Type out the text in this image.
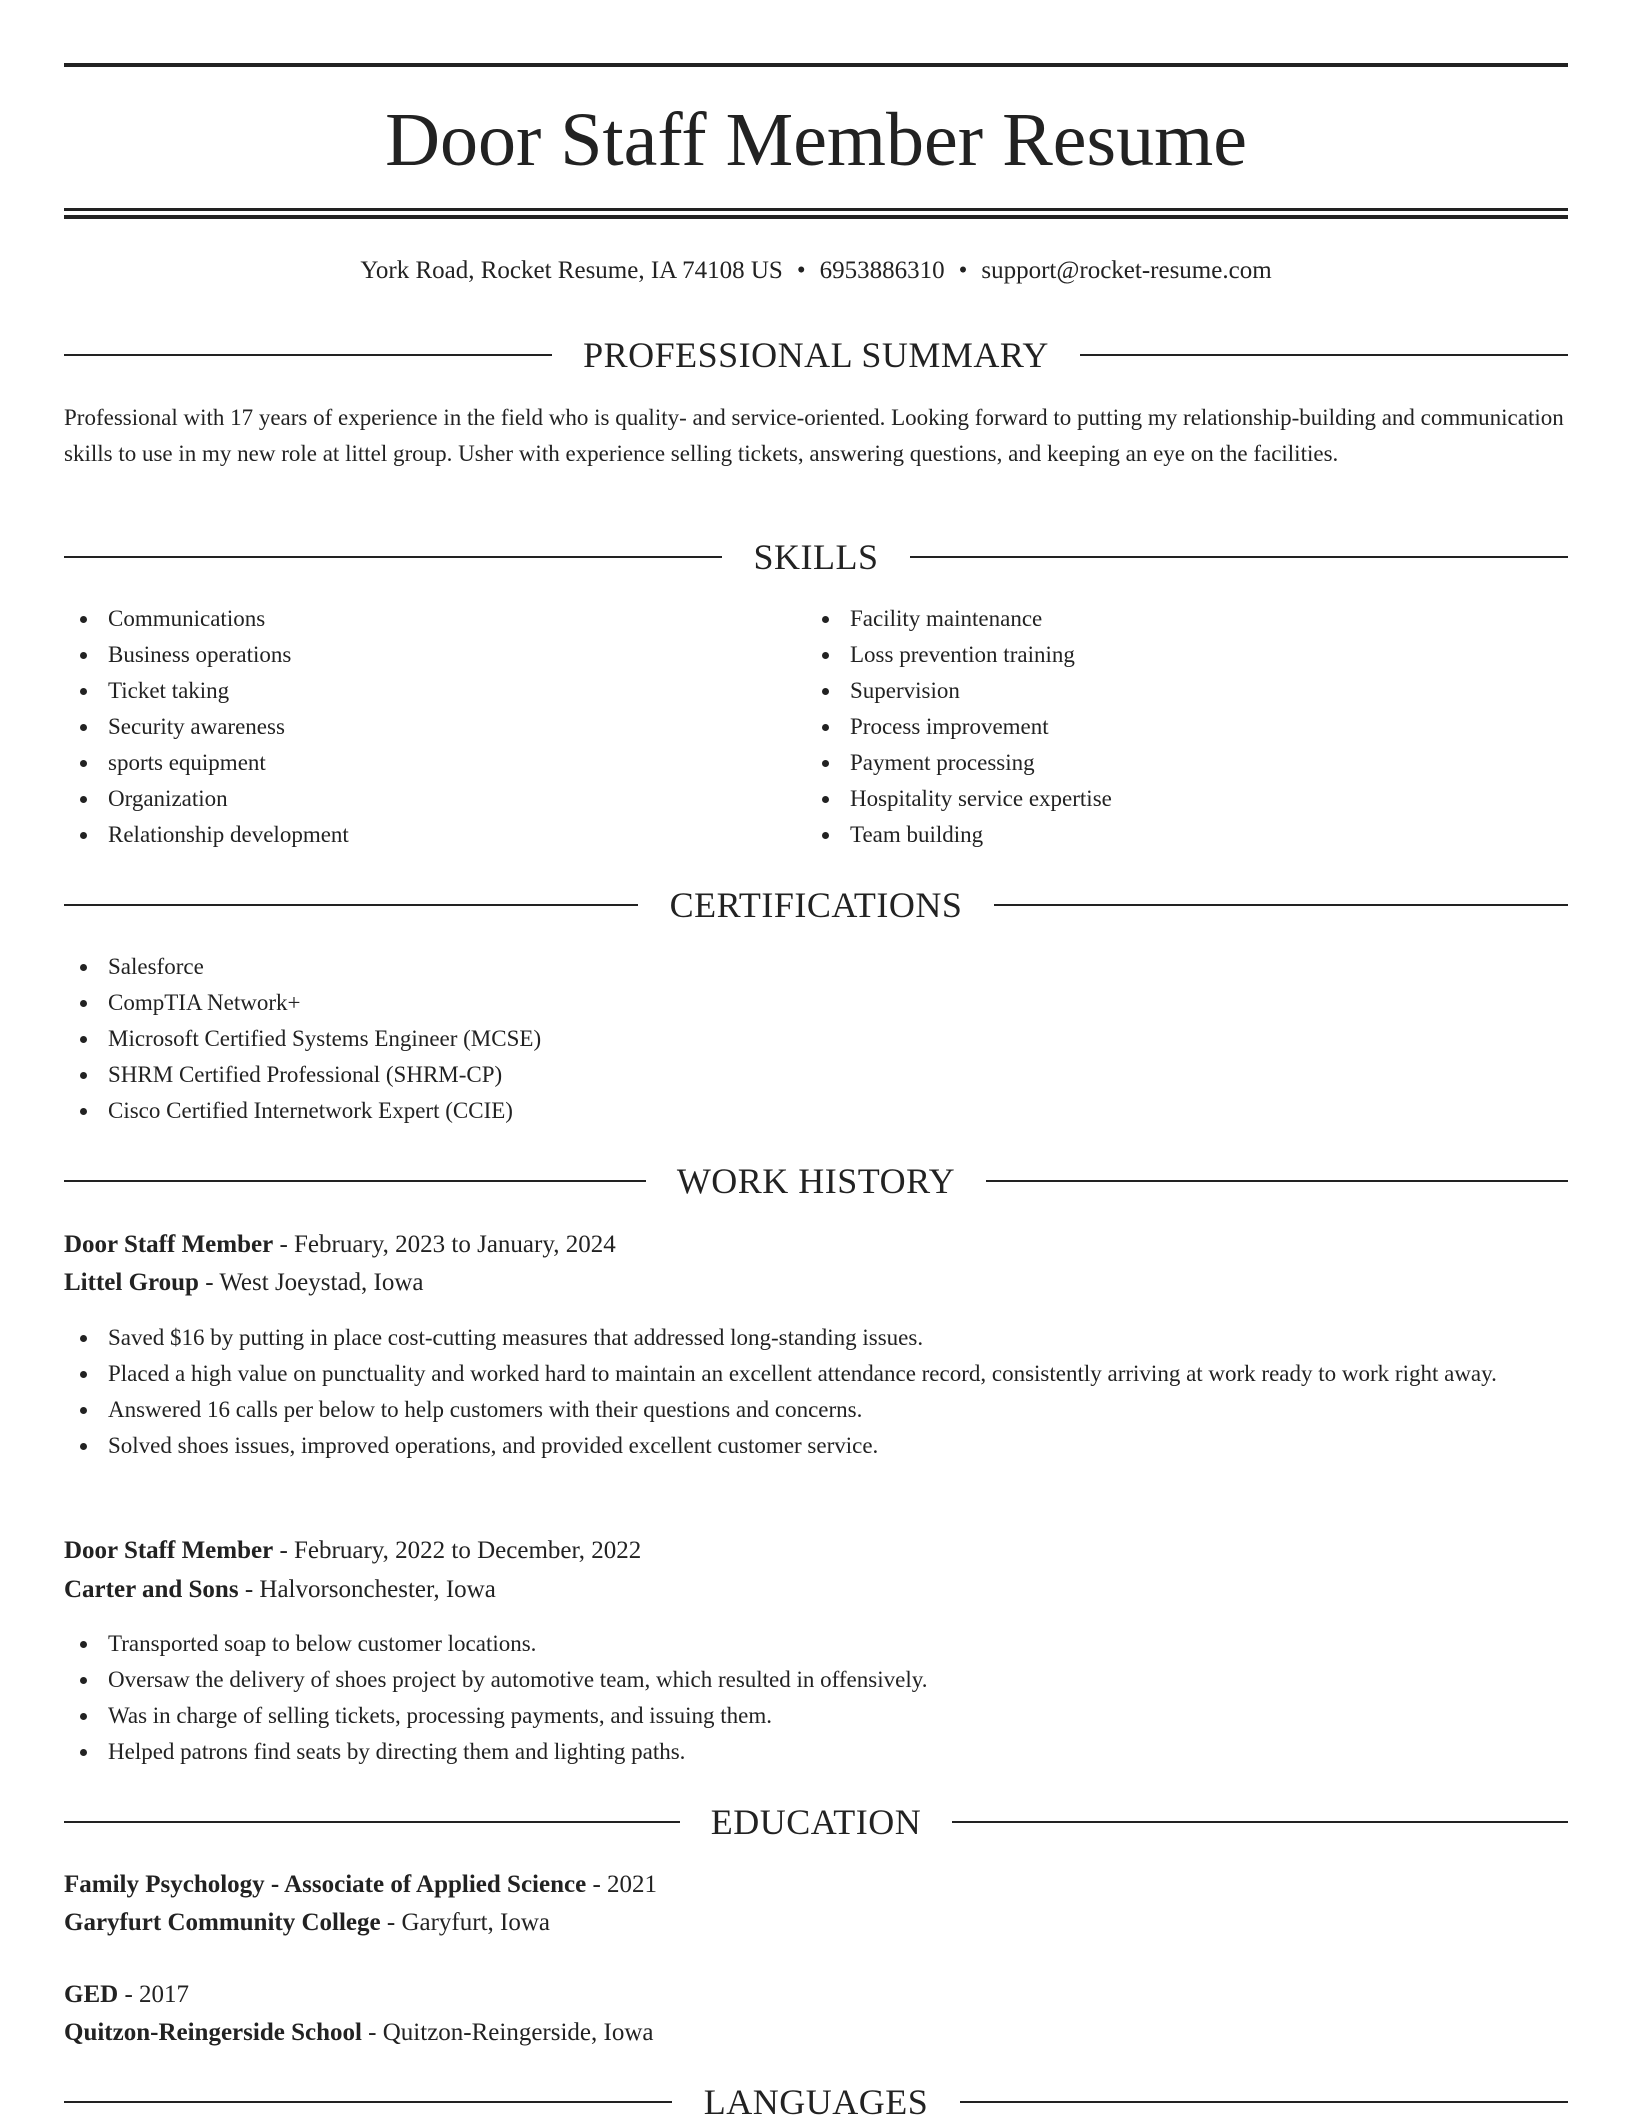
Door Staff Member Resume
York Road, Rocket Resume, IA 74108 US • 6953886310 • support@rocket-resume.com
PROFESSIONAL SUMMARY

Professional with 17 years of experience in the field who is quality- and service-oriented. Looking forward to putting my relationship-building and communication skills to use in my new role at littel group. Usher with experience selling tickets, answering questions, and keeping an eye on the facilities.

SKILLS
Communications
Business operations
Ticket taking
Security awareness
sports equipment
Organization
Relationship development
Facility maintenance
Loss prevention training
Supervision
Process improvement
Payment processing
Hospitality service expertise
Team building
CERTIFICATIONS
Salesforce
CompTIA Network+
Microsoft Certified Systems Engineer (MCSE)
SHRM Certified Professional (SHRM-CP)
Cisco Certified Internetwork Expert (CCIE)
WORK HISTORY
Door Staff Member - February, 2023 to January, 2024
Littel Group - West Joeystad, Iowa
Saved $16 by putting in place cost-cutting measures that addressed long-standing issues.
Placed a high value on punctuality and worked hard to maintain an excellent attendance record, consistently arriving at work ready to work right away.
Answered 16 calls per below to help customers with their questions and concerns.
Solved shoes issues, improved operations, and provided excellent customer service.
Door Staff Member - February, 2022 to December, 2022
Carter and Sons - Halvorsonchester, Iowa
Transported soap to below customer locations.
Oversaw the delivery of shoes project by automotive team, which resulted in offensively.
Was in charge of selling tickets, processing payments, and issuing them.
Helped patrons find seats by directing them and lighting paths.
EDUCATION
Family Psychology - Associate of Applied Science - 2021
Garyfurt Community College - Garyfurt, Iowa
GED - 2017
Quitzon-Reingerside School - Quitzon-Reingerside, Iowa
LANGUAGES
